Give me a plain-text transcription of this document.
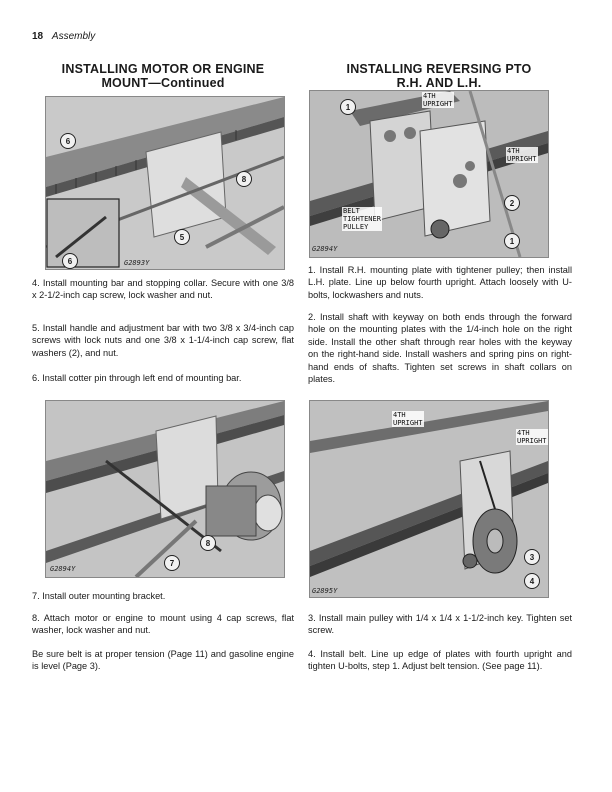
18 Assembly
INSTALLING MOTOR OR ENGINE
MOUNT—Continued
6
8
5
6	G2893Y

4. Install mounting bar and stopping collar. Secure with one 3/8 x 2-1/2-inch cap screw, lock washer and nut.

5. Install handle and adjustment bar with two 3/8 x 3/4-inch cap screws with lock nuts and one 3/8 x 1-1/4-inch cap screw, flat washers (2), and nut.

6. Install cotter pin through left end of mounting bar.

8
7
G2894Y

7. Install outer mounting bracket.

8. Attach motor or engine to mount using 4 cap screws, flat washer, lock washer and nut.

Be sure belt is at proper tension (Page 11) and gasoline engine is level (Page 3).

INSTALLING REVERSING PTO
R.H. AND L.H.
1
2
1
4TH
UPRIGHT
4TH
UPRIGHT
BELT
TIGHTENER
PULLEY
G2894Y

1. Install R.H. mounting plate with tightener pulley; then install L.H. plate. Line up below fourth upright. Attach loosely with U-bolts, lockwashers and nuts.

2. Install shaft with keyway on both ends through the forward hole on the mounting plates with the 1/4-inch hole on the right side. Install the other shaft through rear holes with the keyway on the right-hand side. Install washers and spring pins on right-hand ends of shafts. Tighten set screws in shaft collars on plates.

3
4
4TH
UPRIGHT
4TH
UPRIGHT
G2895Y

3. Install main pulley with 1/4 x 1/4 x 1-1/2-inch key. Tighten set screw.

4. Install belt. Line up edge of plates with fourth upright and tighten U-bolts, step 1. Adjust belt tension. (See page 11).
